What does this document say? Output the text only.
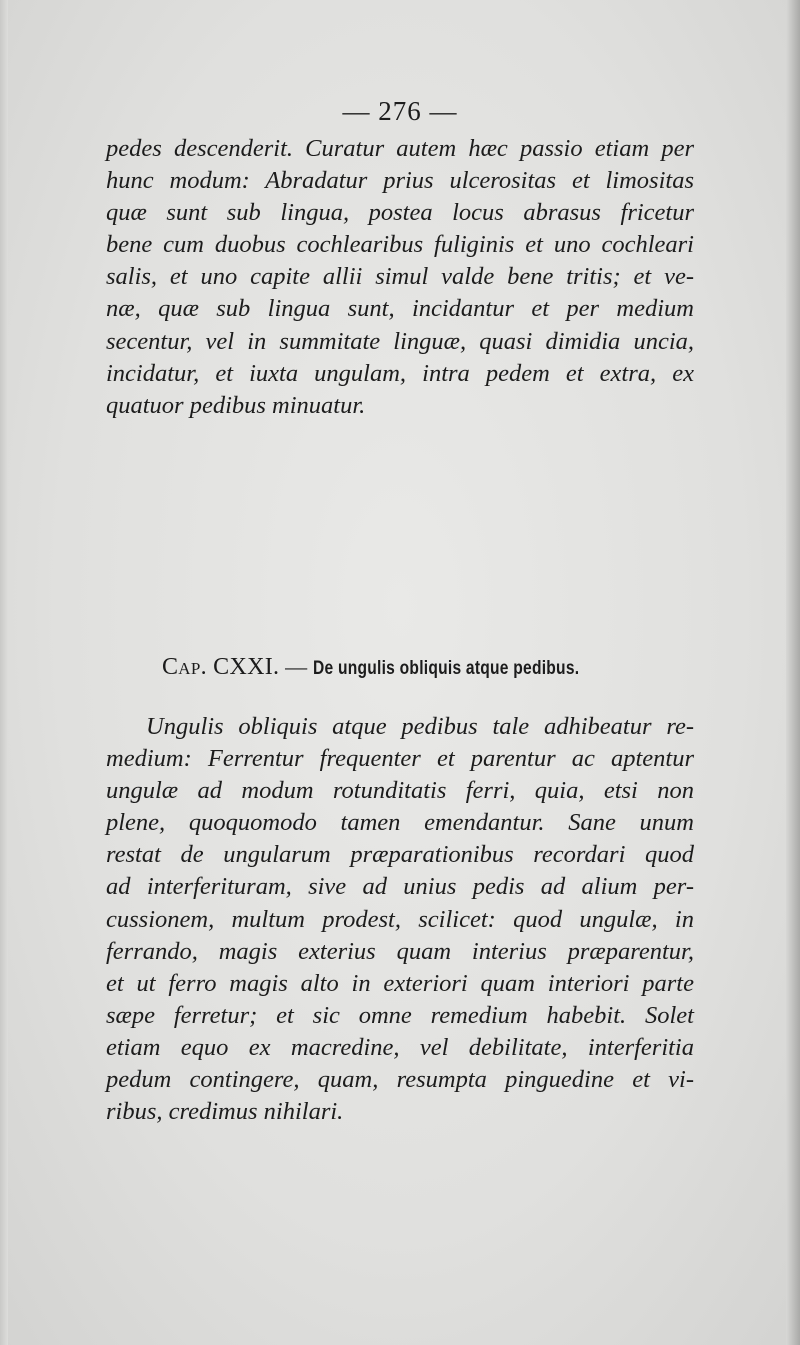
— 276 —
pedes descenderit. Curatur autem hæc passio etiam per
hunc modum: Abradatur prius ulcerositas et limositas
quæ sunt sub lingua, postea locus abrasus fricetur
bene cum duobus cochlearibus fuliginis et uno cochleari
salis, et uno capite allii simul valde bene tritis; et ve-
næ, quæ sub lingua sunt, incidantur et per medium
secentur, vel in summitate linguæ, quasi dimidia uncia,
incidatur, et iuxta ungulam, intra pedem et extra, ex
quatuor pedibus minuatur.
Cap. CXXI. — De ungulis obliquis atque pedibus.
Ungulis obliquis atque pedibus tale adhibeatur re-
medium: Ferrentur frequenter et parentur ac aptentur
ungulæ ad modum rotunditatis ferri, quia, etsi non
plene, quoquomodo tamen emendantur. Sane unum
restat de ungularum præparationibus recordari quod
ad interferituram, sive ad unius pedis ad alium per-
cussionem, multum prodest, scilicet: quod ungulæ, in
ferrando, magis exterius quam interius præparentur,
et ut ferro magis alto in exteriori quam interiori parte
sæpe ferretur; et sic omne remedium habebit. Solet
etiam equo ex macredine, vel debilitate, interferitia
pedum contingere, quam, resumpta pinguedine et vi-
ribus, credimus nihilari.
